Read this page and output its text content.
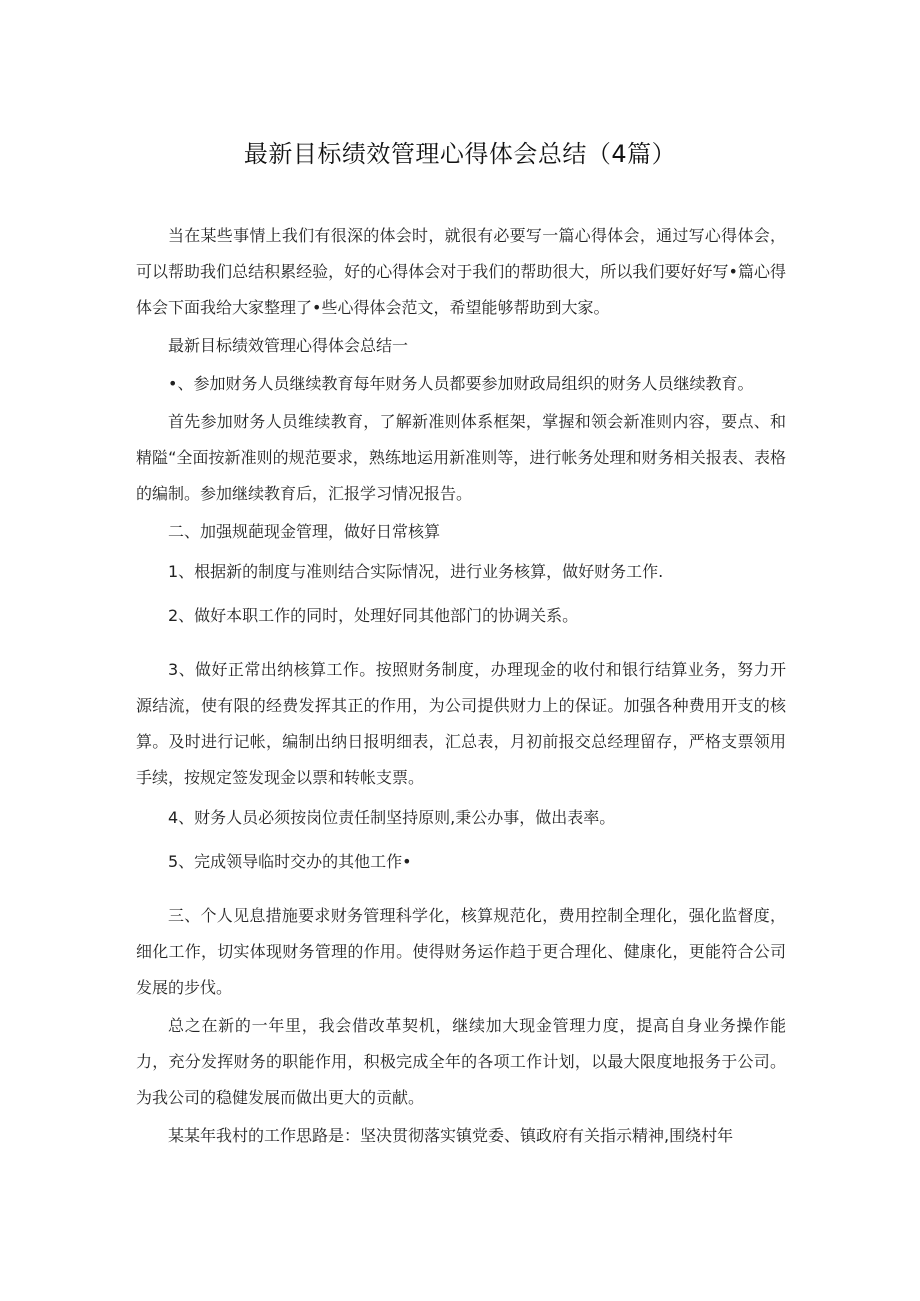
最新目标绩效管理心得体会总结（4篇）

当在某些事情上我们有很深的体会时，就很有必要写一篇心得体会，通过写心得体会，可以帮助我们总结积累经验，好的心得体会对于我们的帮助很大，所以我们要好好写•篇心得体会下面我给大家整理了•些心得体会范文，希望能够帮助到大家。

最新目标绩效管理心得体会总结一

•、参加财务人员继续教育每年财务人员都要参加财政局组织的财务人员继续教育。

首先参加财务人员维续教育，了解新准则体系框架，掌握和领会新准则内容，要点、和精隘“全面按新准则的规范要求，熟练地运用新准则等，进行帐务处理和财务相关报表、表格的编制。参加继续教育后，汇报学习情况报告。

二、加强规葩现金管理，做好日常核算

1、根据新的制度与准则结合实际情况，进行业务核算，做好财务工作.

2、做好本职工作的同时，处理好同其他部门的协调关系。

3、做好正常出纳核算工作。按照财务制度，办理现金的收付和银行结算业务，努力开源结流，使有限的经费发挥其正的作用，为公司提供财力上的保证。加强各种费用开支的核算。及时进行记帐，编制出纳日报明细表，汇总表，月初前报交总经理留存，严格支票领用手续，按规定签发现金以票和转帐支票。

4、财务人员必须按岗位责任制坚持原则,秉公办事，做出表率。

5、完成领导临时交办的其他工作•

三、个人见息措施要求财务管理科学化，核算规范化，费用控制全理化，强化监督度，细化工作，切实体现财务管理的作用。使得财务运作趋于更合理化、健康化，更能符合公司发展的步伐。

总之在新的一年里，我会借改革契机，继续加大现金管理力度，提高自身业务操作能力，充分发挥财务的职能作用，积极完成全年的各项工作计划，以最大限度地报务于公司。为我公司的稳健发展而做出更大的贡献。

某某年我村的工作思路是：坚决贯彻落实镇党委、镇政府有关指示精神,围绕村年
